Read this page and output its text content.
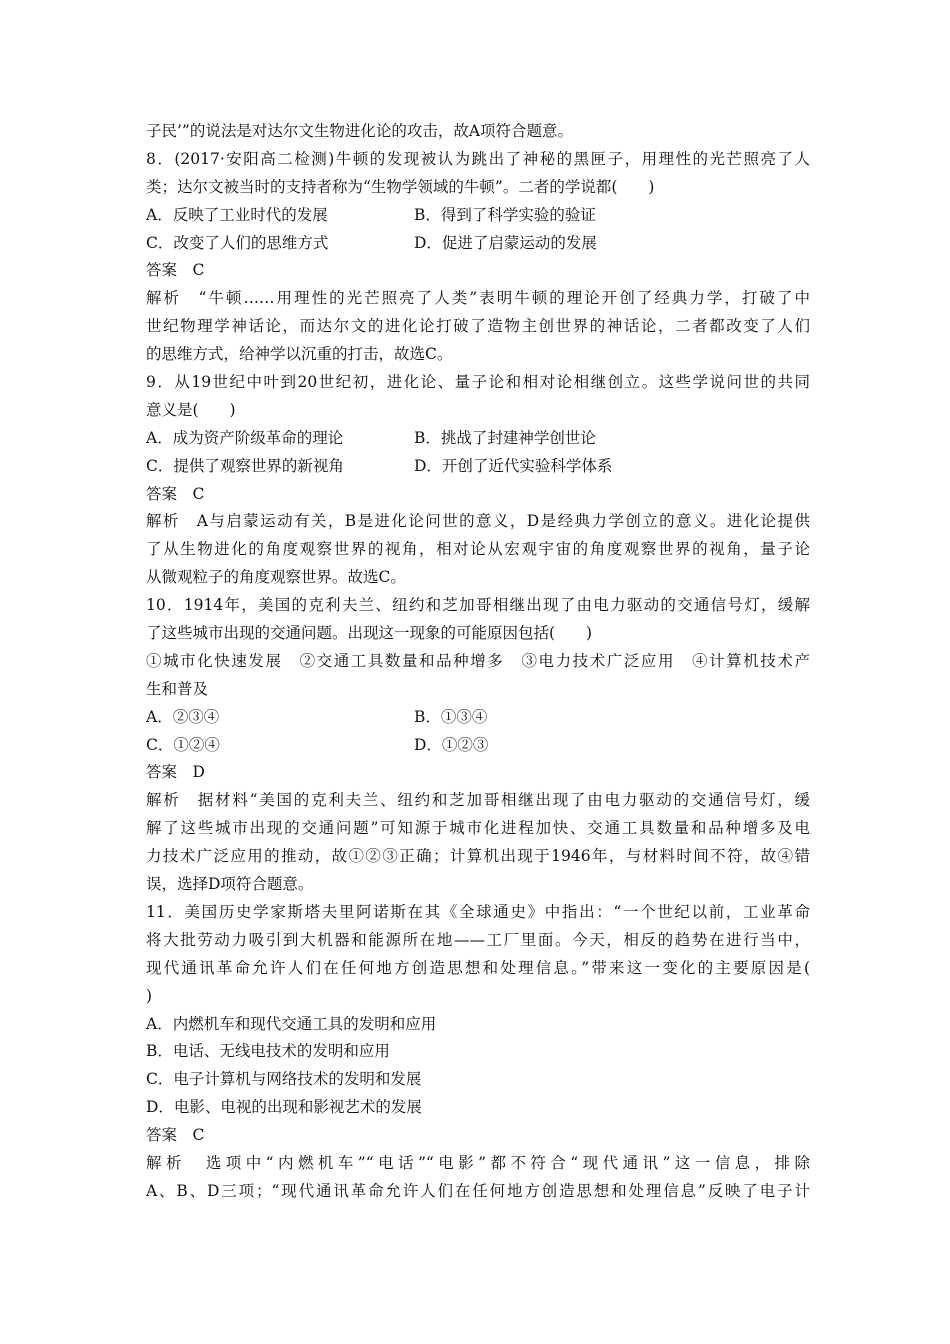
子民’”的说法是对达尔文生物进化论的攻击，故A项符合题意。
8．(2017·安阳高二检测)牛顿的发现被认为跳出了神秘的黑匣子，用理性的光芒照亮了人
类；达尔文被当时的支持者称为“生物学领域的牛顿”。二者的学说都(　　)
A．反映了工业时代的发展	B．得到了科学实验的验证
C．改变了人们的思维方式	D．促进了启蒙运动的发展
答案　C
解析　“牛顿……用理性的光芒照亮了人类”表明牛顿的理论开创了经典力学，打破了中
世纪物理学神话论，而达尔文的进化论打破了造物主创世界的神话论，二者都改变了人们
的思维方式，给神学以沉重的打击，故选C。
9．从19世纪中叶到20世纪初，进化论、量子论和相对论相继创立。这些学说问世的共同
意义是(　　)
A．成为资产阶级革命的理论	B．挑战了封建神学创世论
C．提供了观察世界的新视角	D．开创了近代实验科学体系
答案　C
解析　A与启蒙运动有关，B是进化论问世的意义，D是经典力学创立的意义。进化论提供
了从生物进化的角度观察世界的视角，相对论从宏观宇宙的角度观察世界的视角，量子论
从微观粒子的角度观察世界。故选C。
10．1914年，美国的克利夫兰、纽约和芝加哥相继出现了由电力驱动的交通信号灯，缓解
了这些城市出现的交通问题。出现这一现象的可能原因包括(　　)
①城市化快速发展　②交通工具数量和品种增多　③电力技术广泛应用　④计算机技术产
生和普及
A．②③④	B．①③④
C．①②④	D．①②③
答案　D
解析　据材料“美国的克利夫兰、纽约和芝加哥相继出现了由电力驱动的交通信号灯，缓
解了这些城市出现的交通问题”可知源于城市化进程加快、交通工具数量和品种增多及电
力技术广泛应用的推动，故①②③正确；计算机出现于1946年，与材料时间不符，故④错
误，选择D项符合题意。
11．美国历史学家斯塔夫里阿诺斯在其《全球通史》中指出：“一个世纪以前，工业革命
将大批劳动力吸引到大机器和能源所在地——工厂里面。今天，相反的趋势在进行当中，
现代通讯革命允许人们在任何地方创造思想和处理信息。”带来这一变化的主要原因是(
)
A．内燃机车和现代交通工具的发明和应用
B．电话、无线电技术的发明和应用
C．电子计算机与网络技术的发明和发展
D．电影、电视的出现和影视艺术的发展
答案　C
解析　选项中“内燃机车”“电话”“电影”都不符合“现代通讯”这一信息，排除
A、B、D三项；“现代通讯革命允许人们在任何地方创造思想和处理信息”反映了电子计
